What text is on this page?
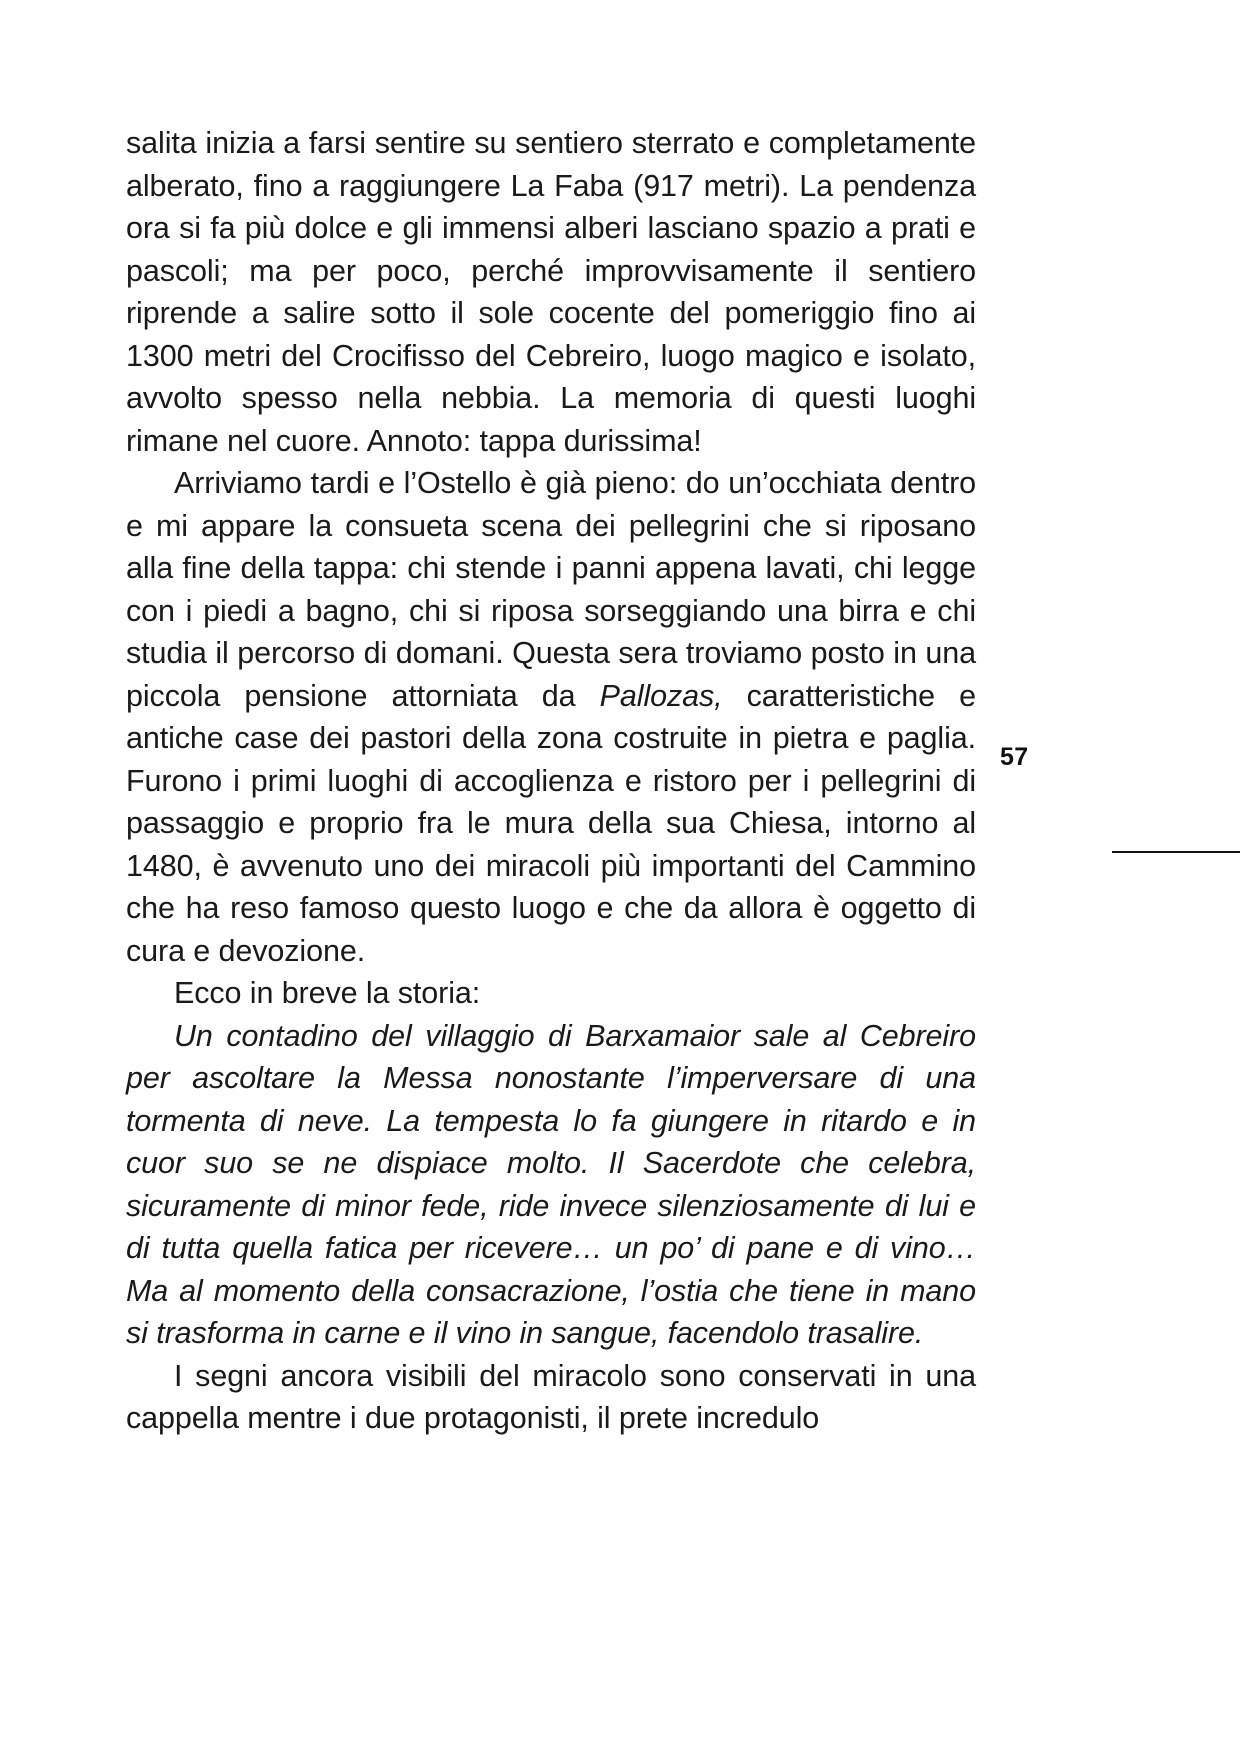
salita inizia a farsi sentire su sentiero sterrato e completamente alberato, fino a raggiungere La Faba (917 metri). La pendenza ora si fa più dolce e gli immensi alberi lasciano spazio a prati e pascoli; ma per poco, perché improvvisamente il sentiero riprende a salire sotto il sole cocente del pomeriggio fino ai 1300 metri del Crocifisso del Cebreiro, luogo magico e isolato, avvolto spesso nella nebbia. La memoria di questi luoghi rimane nel cuore. Annoto: tappa durissima!

Arriviamo tardi e l’Ostello è già pieno: do un’occhiata dentro e mi appare la consueta scena dei pellegrini che si riposano alla fine della tappa: chi stende i panni appena lavati, chi legge con i piedi a bagno, chi si riposa sorseggiando una birra e chi studia il percorso di domani. Questa sera troviamo posto in una piccola pensione attorniata da Pallozas, caratteristiche e antiche case dei pastori della zona costruite in pietra e paglia. Furono i primi luoghi di accoglienza e ristoro per i pellegrini di passaggio e proprio fra le mura della sua Chiesa, intorno al 1480, è avvenuto uno dei miracoli più importanti del Cammino che ha reso famoso questo luogo e che da allora è oggetto di cura e devozione.

Ecco in breve la storia:

Un contadino del villaggio di Barxamaior sale al Cebreiro per ascoltare la Messa nonostante l’imperversare di una tormenta di neve. La tempesta lo fa giungere in ritardo e in cuor suo se ne dispiace molto. Il Sacerdote che celebra, sicuramente di minor fede, ride invece silenziosamente di lui e di tutta quella fatica per ricevere… un po’ di pane e di vino… Ma al momento della consacrazione, l’ostia che tiene in mano si trasforma in carne e il vino in sangue, facendolo trasalire.

I segni ancora visibili del miracolo sono conservati in una cappella mentre i due protagonisti, il prete incredulo

57
